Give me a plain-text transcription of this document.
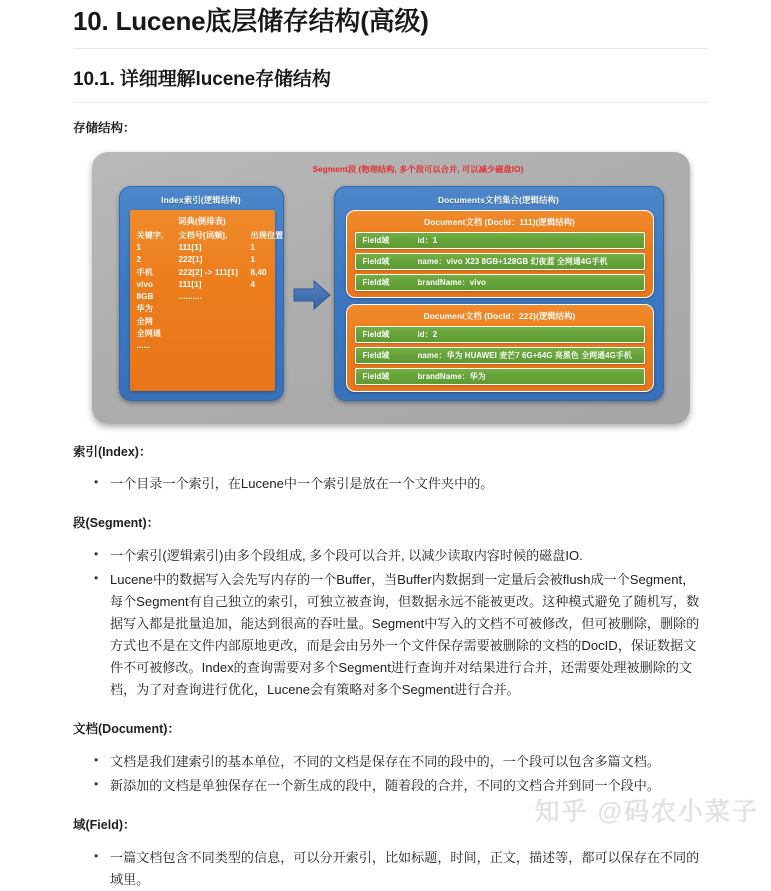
10. Lucene底层储存结构(高级)
10.1. 详细理解lucene存储结构

存储结构：

Segment段 (物理结构, 多个段可以合并, 可以减少磁盘IO)
Index索引(逻辑结构)
词典(倒排表)
关键字,	文档号[词频],	出现位置
1	111[1]	1
2	222[1]	1
手机	222[2] -> 111[1]	8,40
vivo	111[1]	4
8GB	..........
华为
全网
全网通
......
Documents文档集合(逻辑结构)
Document文档 (DocId：111)(逻辑结构)
Field域	id：1
Field域	name：vivo X23 8GB+128GB 幻夜蓝 全网通4G手机
Field域	brandName：vivo
Document文档 (DocId：222)(逻辑结构)
Field域	id：2
Field域	name：华为 HUAWEI 麦芒7 6G+64G 亮黑色 全网通4G手机
Field域	brandName：华为

索引(Index)：

• 一个目录一个索引，在Lucene中一个索引是放在一个文件夹中的。

段(Segment)：

• 一个索引(逻辑索引)由多个段组成, 多个段可以合并, 以减少读取内容时候的磁盘IO.
• Lucene中的数据写入会先写内存的一个Buffer，当Buffer内数据到一定量后会被flush成一个Segment，每个Segment有自己独立的索引，可独立被查询，但数据永远不能被更改。这种模式避免了随机写，数据写入都是批量追加，能达到很高的吞吐量。Segment中写入的文档不可被修改，但可被删除，删除的方式也不是在文件内部原地更改，而是会由另外一个文件保存需要被删除的文档的DocID，保证数据文件不可被修改。Index的查询需要对多个Segment进行查询并对结果进行合并，还需要处理被删除的文档，为了对查询进行优化，Lucene会有策略对多个Segment进行合并。

文档(Document)：

• 文档是我们建索引的基本单位，不同的文档是保存在不同的段中的，一个段可以包含多篇文档。
• 新添加的文档是单独保存在一个新生成的段中，随着段的合并，不同的文档合并到同一个段中。

域(Field)：

• 一篇文档包含不同类型的信息，可以分开索引，比如标题，时间，正文，描述等，都可以保存在不同的域里。
知乎 @码农小菜子
